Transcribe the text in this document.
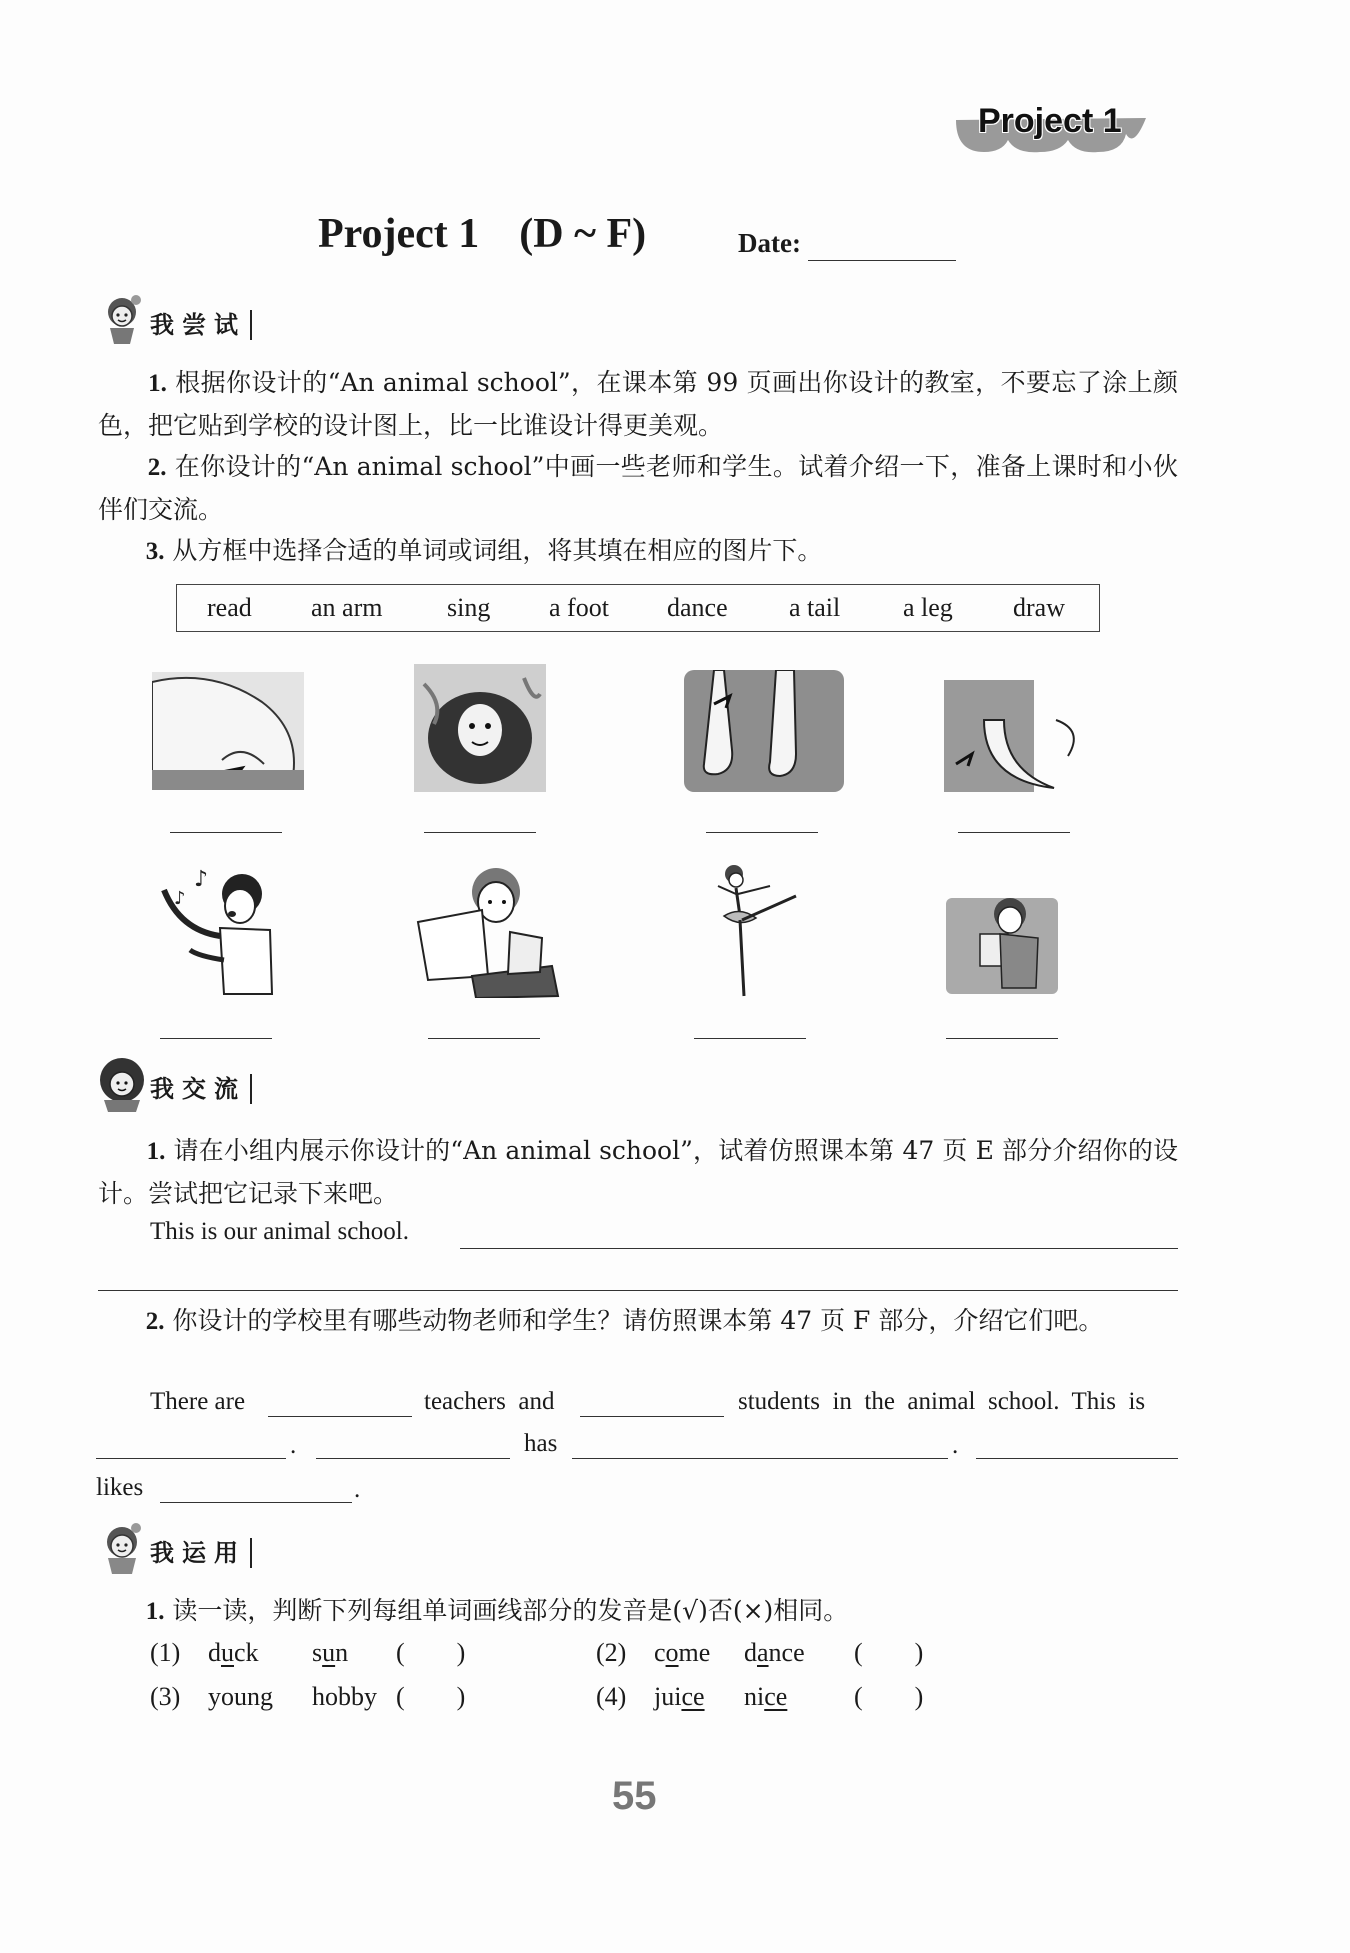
Project 1
Project 1 (D ~ F)	Date:
我尝试
1. 根据你设计的“An animal school”，在课本第 99 页画出你设计的教室，不要忘了涂上颜色，把它贴到学校的设计图上，比一比谁设计得更美观。
2. 在你设计的“An animal school”中画一些老师和学生。试着介绍一下，准备上课时和小伙伴们交流。
3. 从方框中选择合适的单词或词组，将其填在相应的图片下。
read an arm sing a foot dance a tail a leg draw
♪
♪
我交流
1. 请在小组内展示你设计的“An animal school”，试着仿照课本第 47 页 E 部分介绍你的设计。尝试把它记录下来吧。
This is our animal school.
2. 你设计的学校里有哪些动物老师和学生？请仿照课本第 47 页 F 部分，介绍它们吧。
There are	teachers  and	students  in  the  animal  school.  This  is
.	has	.
likes	.
我运用
1. 读一读，判断下列每组单词画线部分的发音是(√)否(×)相同。
(1) duck sun (        )	(2) come dance (        )
(3) young hobby (        )	(4) juice nice	(        )
55
